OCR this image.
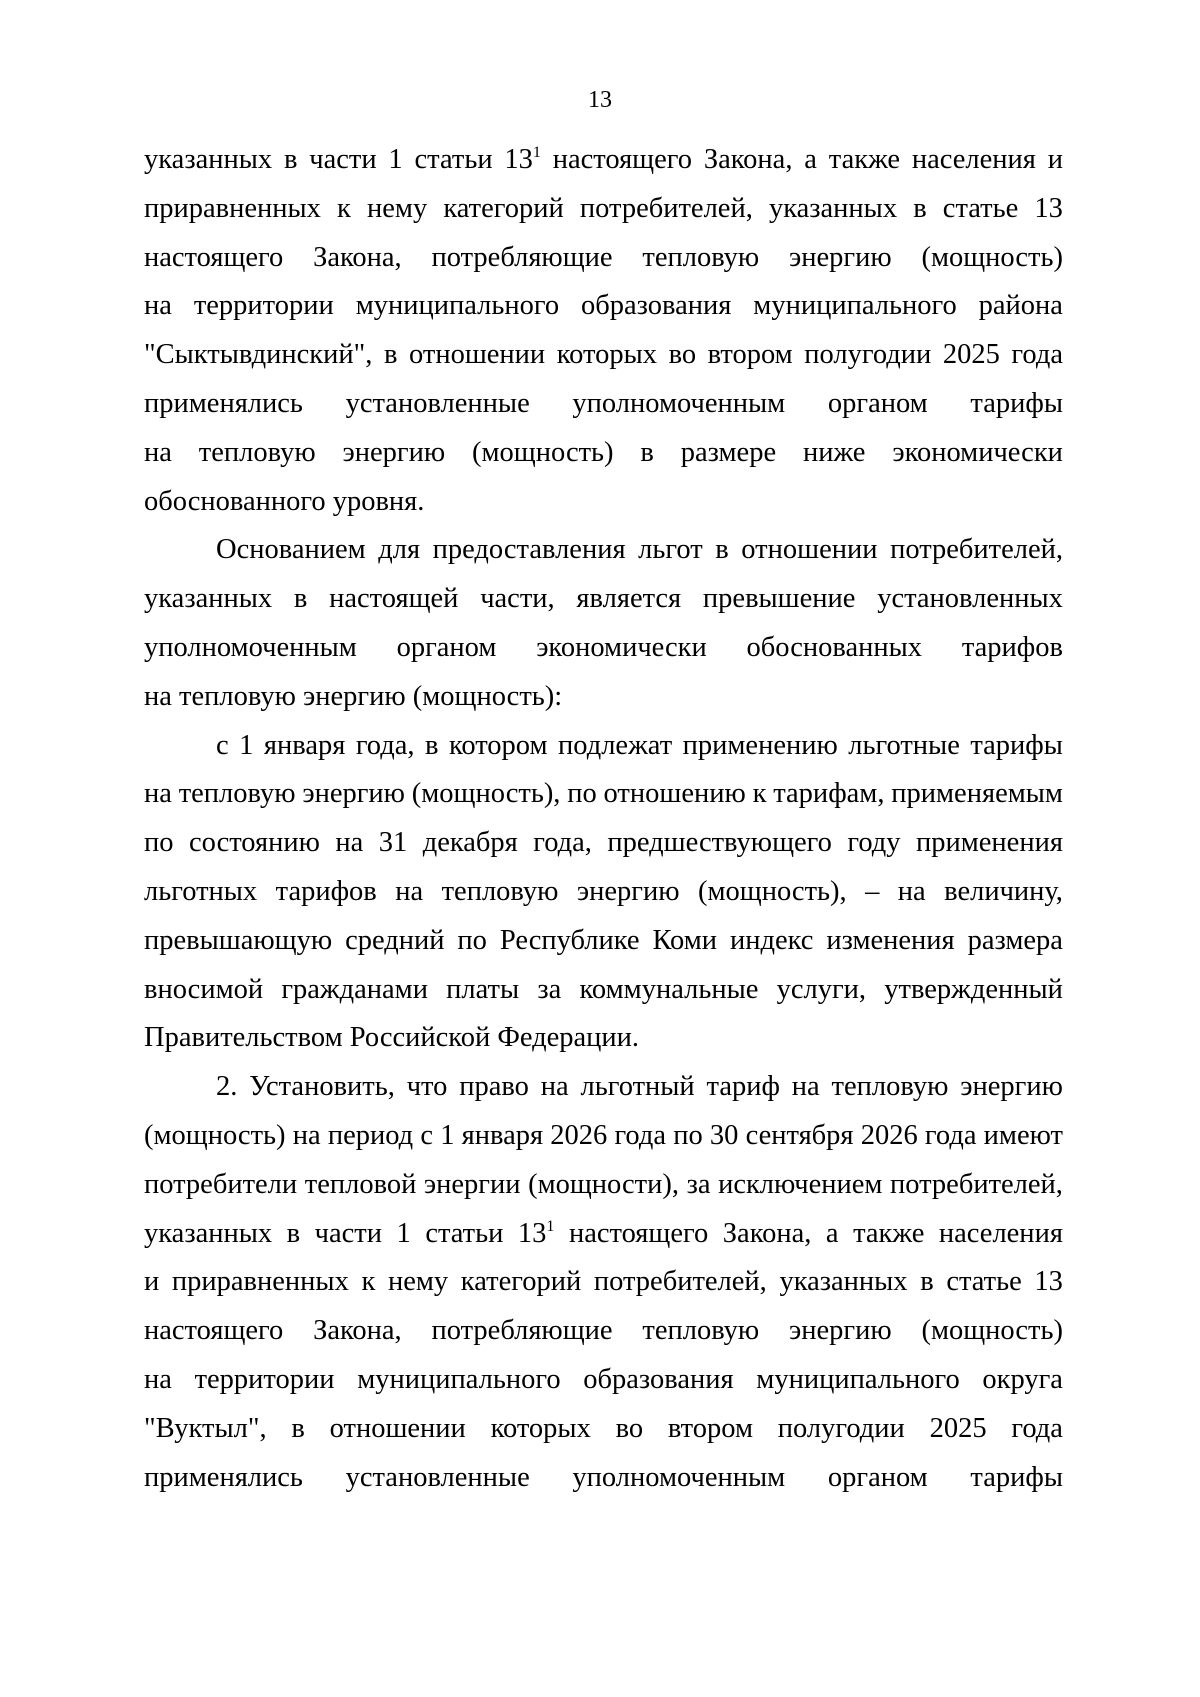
13
указанных в части 1 статьи $13^1$ настоящего Закона, а также населения и
приравненных к нему категорий потребителей, указанных в статье 13
настоящего Закона, потребляющие тепловую энергию (мощность)
на территории муниципального образования муниципального района
"Сыктывдинский", в отношении которых во втором полугодии 2025 года
применялись установленные уполномоченным органом тарифы
на тепловую энергию (мощность) в размере ниже экономически
обоснованного уровня.
Основанием для предоставления льгот в отношении потребителей,
указанных в настоящей части, является превышение установленных
уполномоченным органом экономически обоснованных тарифов
на тепловую энергию (мощность):
с 1 января года, в котором подлежат применению льготные тарифы
на тепловую энергию (мощность), по отношению к тарифам, применяемым
по состоянию на 31 декабря года, предшествующего году применения
льготных тарифов на тепловую энергию (мощность), – на величину,
превышающую средний по Республике Коми индекс изменения размера
вносимой гражданами платы за коммунальные услуги, утвержденный
Правительством Российской Федерации.
2. Установить, что право на льготный тариф на тепловую энергию
(мощность) на период с 1 января 2026 года по 30 сентября 2026 года имеют
потребители тепловой энергии (мощности), за исключением потребителей,
указанных в части 1 статьи $13^1$ настоящего Закона, а также населения
и приравненных к нему категорий потребителей, указанных в статье 13
настоящего Закона, потребляющие тепловую энергию (мощность)
на территории муниципального образования муниципального округа
"Вуктыл", в отношении которых во втором полугодии 2025 года
применялись установленные уполномоченным органом тарифы
